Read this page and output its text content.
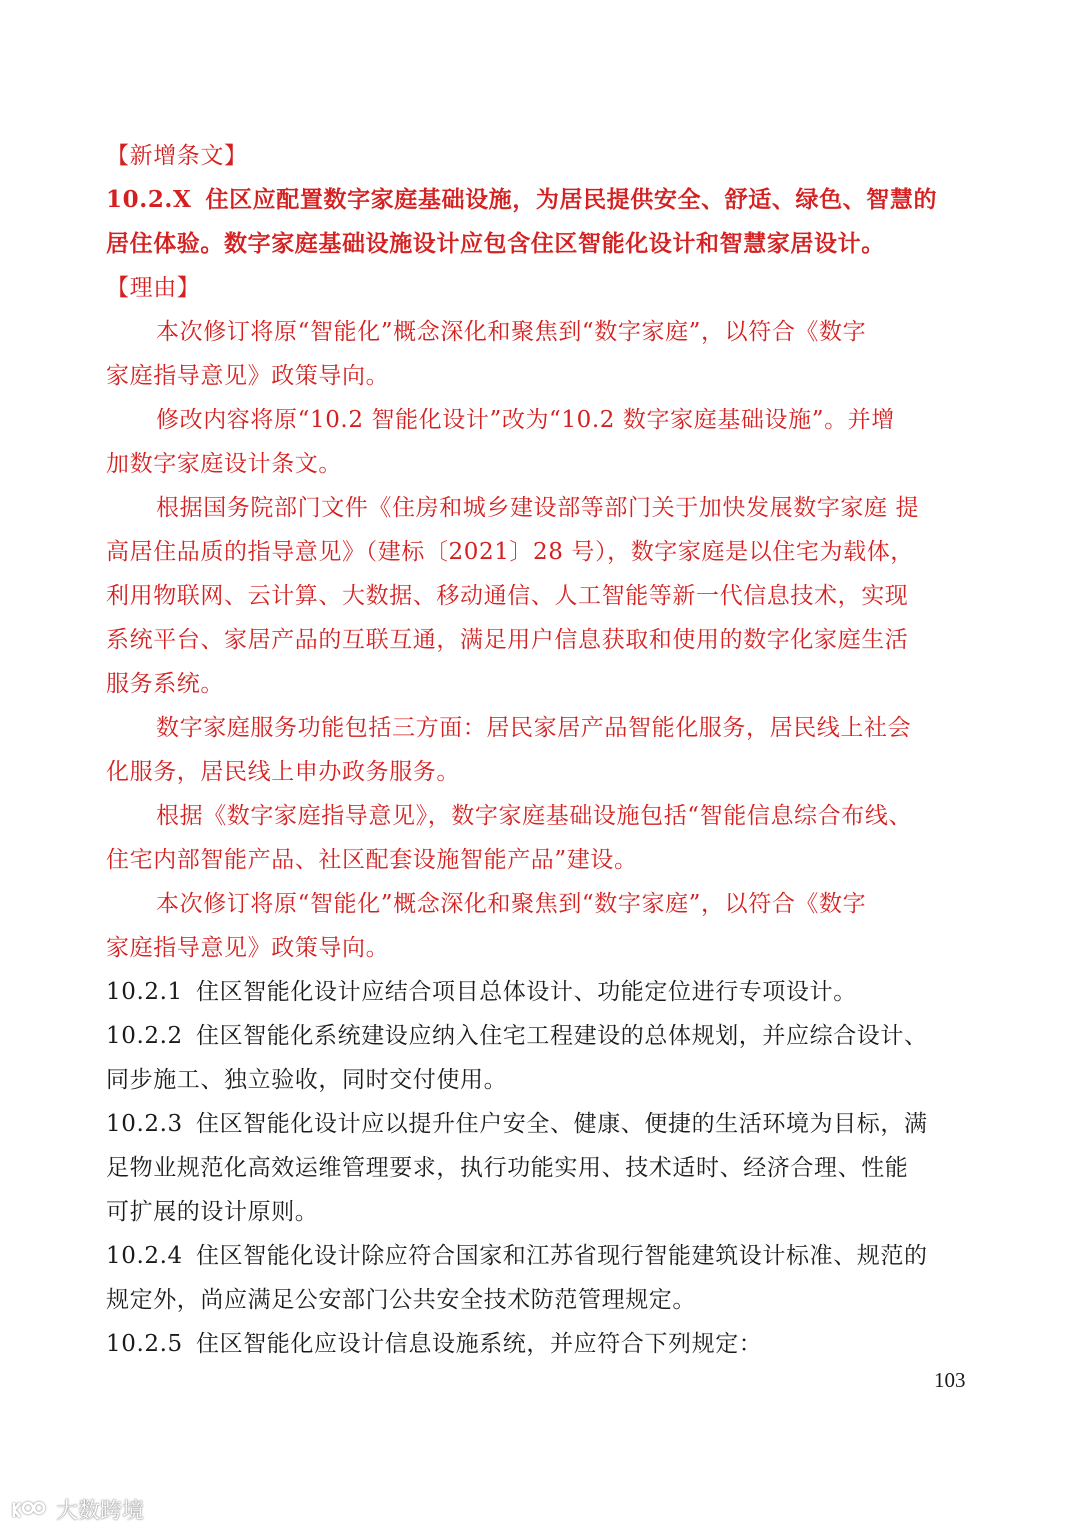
【新增条文】
10.2.X 住区应配置数字家庭基础设施，为居民提供安全、舒适、绿色、智慧的
居住体验。数字家庭基础设施设计应包含住区智能化设计和智慧家居设计。
【理由】
本次修订将原“智能化”概念深化和聚焦到“数字家庭”，以符合《数字
家庭指导意见》政策导向。
修改内容将原“10.2 智能化设计”改为“10.2 数字家庭基础设施”。并增
加数字家庭设计条文。
根据国务院部门文件《住房和城乡建设部等部门关于加快发展数字家庭 提
高居住品质的指导意见》（建标〔2021〕28 号），数字家庭是以住宅为载体，
利用物联网、云计算、大数据、移动通信、人工智能等新一代信息技术，实现
系统平台、家居产品的互联互通，满足用户信息获取和使用的数字化家庭生活
服务系统。
数字家庭服务功能包括三方面：居民家居产品智能化服务，居民线上社会
化服务，居民线上申办政务服务。
根据《数字家庭指导意见》，数字家庭基础设施包括“智能信息综合布线、
住宅内部智能产品、社区配套设施智能产品”建设。
本次修订将原“智能化”概念深化和聚焦到“数字家庭”，以符合《数字
家庭指导意见》政策导向。
10.2.1 住区智能化设计应结合项目总体设计、功能定位进行专项设计。
10.2.2 住区智能化系统建设应纳入住宅工程建设的总体规划，并应综合设计、
同步施工、独立验收，同时交付使用。
10.2.3 住区智能化设计应以提升住户安全、健康、便捷的生活环境为目标，满
足物业规范化高效运维管理要求，执行功能实用、技术适时、经济合理、性能
可扩展的设计原则。
10.2.4 住区智能化设计除应符合国家和江苏省现行智能建筑设计标准、规范的
规定外，尚应满足公安部门公共安全技术防范管理规定。
10.2.5 住区智能化应设计信息设施系统，并应符合下列规定：
103
大数跨境
